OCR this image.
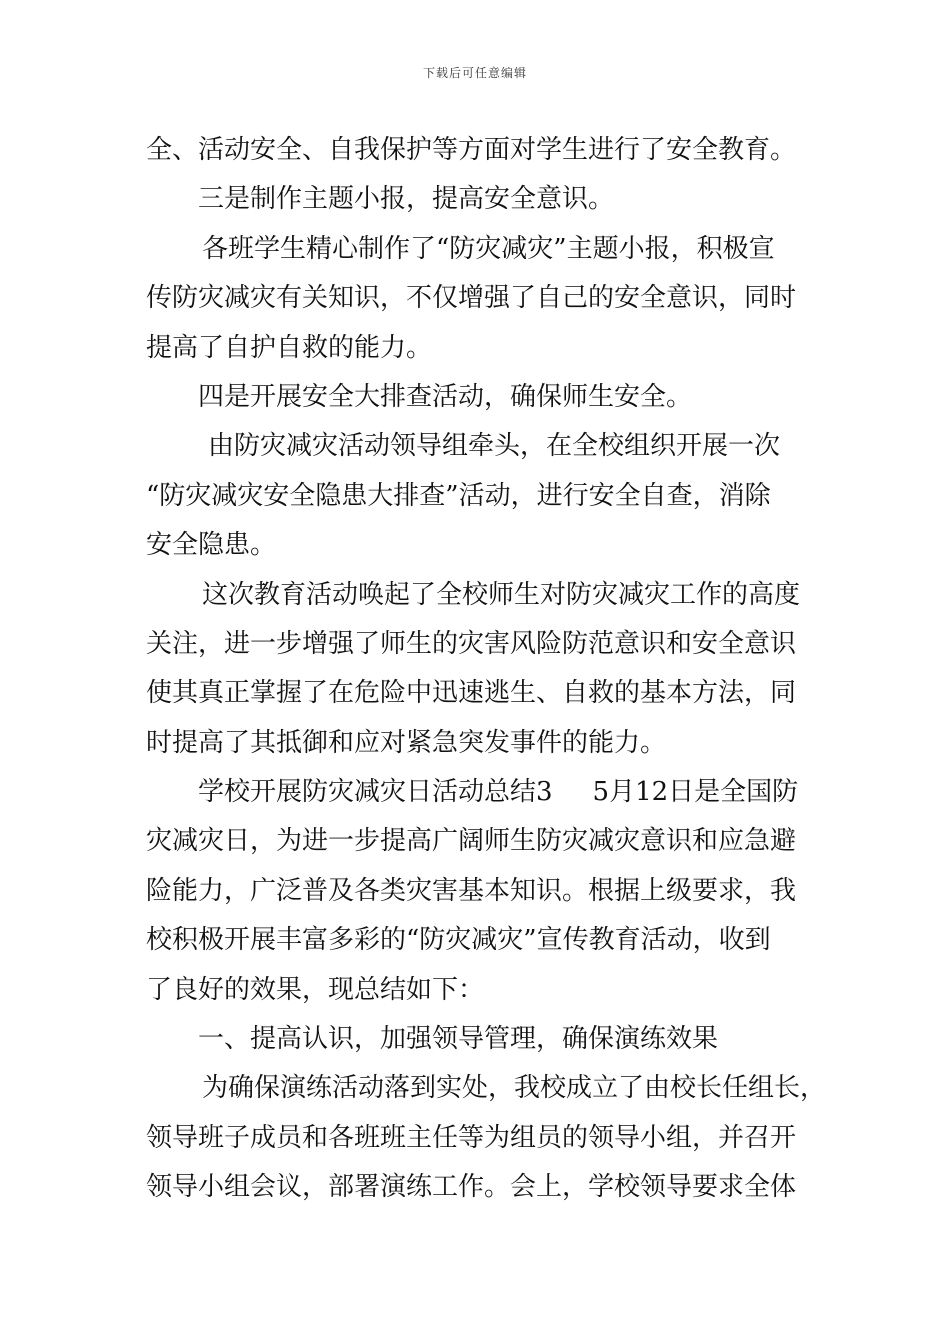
下载后可任意编辑
全、活动安全、自我保护等方面对学生进行了安全教育。
三是制作主题小报，提高安全意识。
各班学生精心制作了“防灾减灾”主题小报，积极宣
传防灾减灾有关知识，不仅增强了自己的安全意识，同时
提高了自护自救的能力。
四是开展安全大排查活动，确保师生安全。
由防灾减灾活动领导组牵头，在全校组织开展一次
“防灾减灾安全隐患大排查”活动，进行安全自查，消除
安全隐患。
这次教育活动唤起了全校师生对防灾减灾工作的高度
关注，进一步增强了师生的灾害风险防范意识和安全意识
使其真正掌握了在危险中迅速逃生、自救的基本方法，同
时提高了其抵御和应对紧急突发事件的能力。
学校开展防灾减灾日活动总结3 5月12日是全国防
灾减灾日，为进一步提高广阔师生防灾减灾意识和应急避
险能力，广泛普及各类灾害基本知识。根据上级要求，我
校积极开展丰富多彩的“防灾减灾”宣传教育活动，收到
了良好的效果，现总结如下：
一、提高认识，加强领导管理，确保演练效果
为确保演练活动落到实处，我校成立了由校长任组长，
领导班子成员和各班班主任等为组员的领导小组，并召开
领导小组会议，部署演练工作。会上，学校领导要求全体
